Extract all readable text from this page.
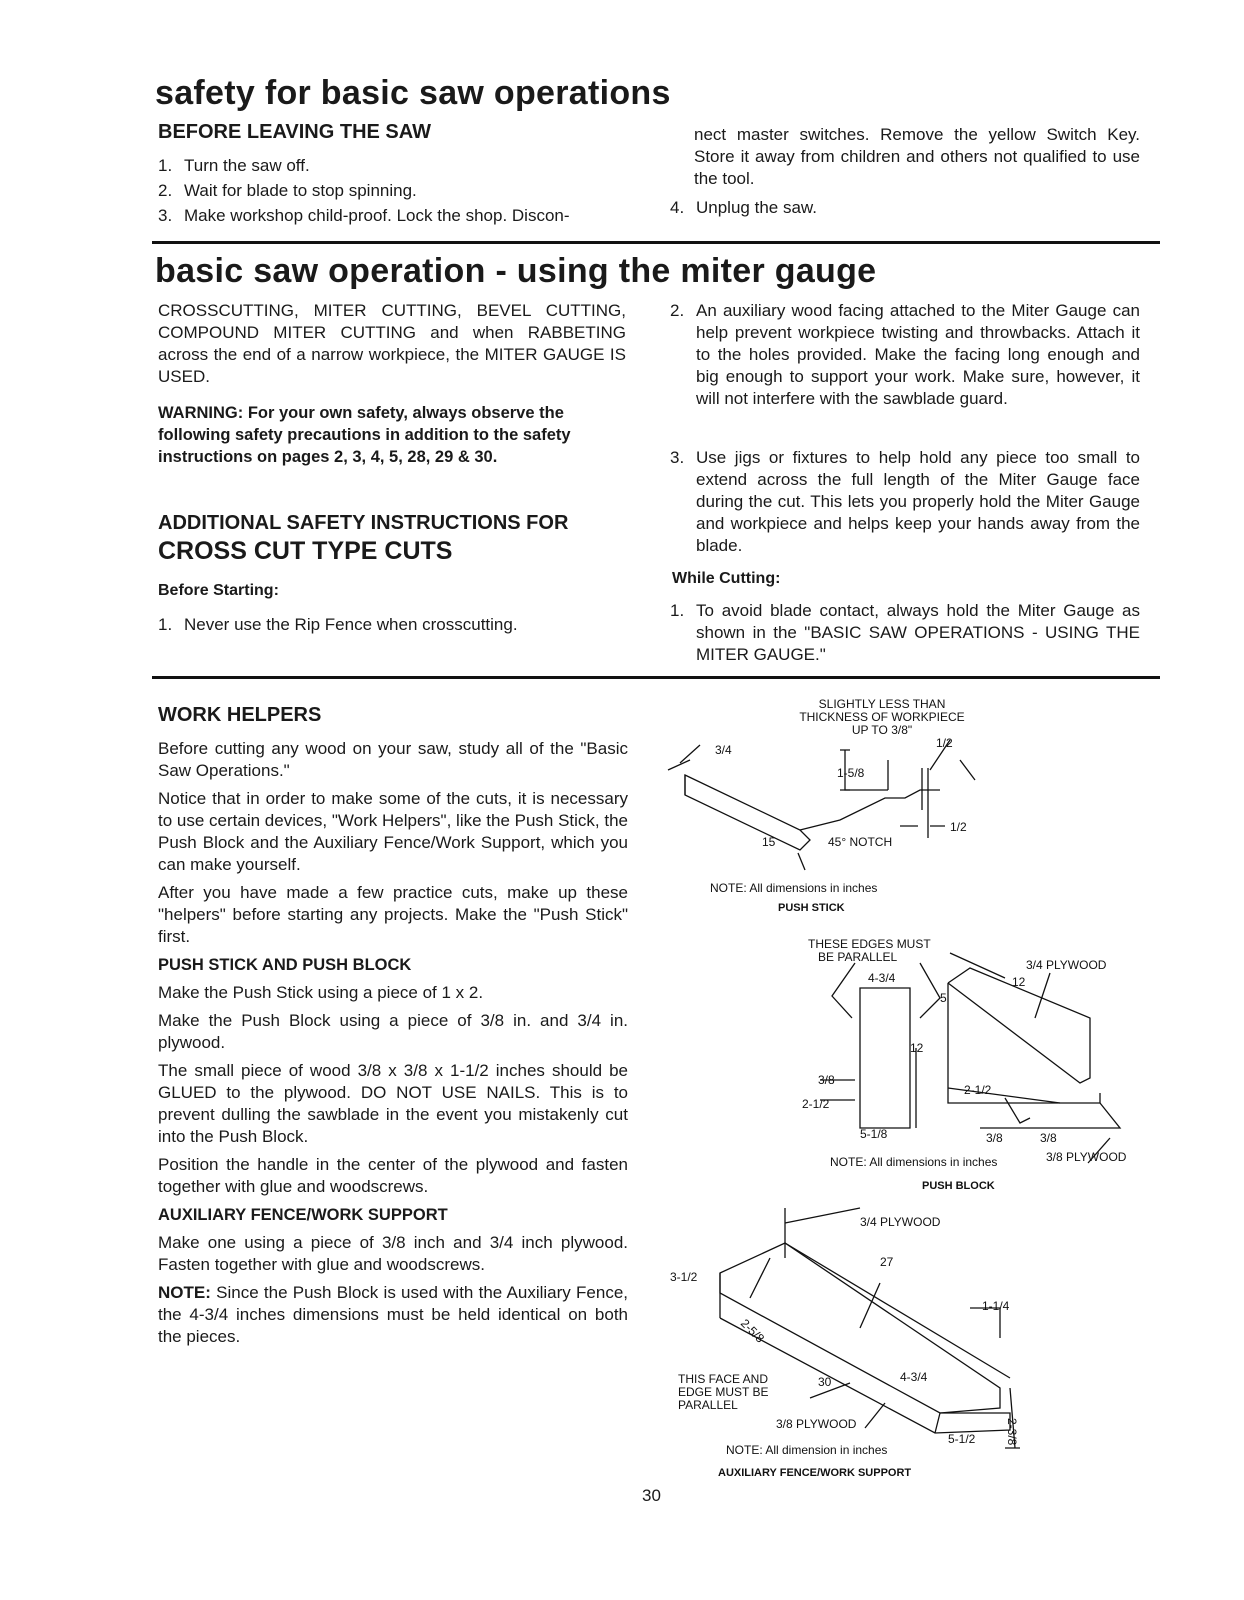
safety for basic saw operations
BEFORE LEAVING THE SAW
1. Turn the saw off.
2. Wait for blade to stop spinning.
3. Make workshop child-proof. Lock the shop. Discon-

nect master switches. Remove the yellow Switch Key. Store it away from children and others not qualified to use the tool.

4. Unplug the saw.
basic saw operation - using the miter gauge

CROSSCUTTING, MITER CUTTING, BEVEL CUTTING, COMPOUND MITER CUTTING and when RABBETING across the end of a narrow workpiece, the MITER GAUGE IS USED.

WARNING: For your own safety, always observe the following safety precautions in addition to the safety instructions on pages 2, 3, 4, 5, 28, 29 & 30.

ADDITIONAL SAFETY INSTRUCTIONS FOR
CROSS CUT TYPE CUTS
Before Starting:
1. Never use the Rip Fence when crosscutting.
2. An auxiliary wood facing attached to the Miter Gauge can help prevent workpiece twisting and throwbacks. Attach it to the holes provided. Make the facing long enough and big enough to support your work. Make sure, however, it will not interfere with the sawblade guard.
3. Use jigs or fixtures to help hold any piece too small to extend across the full length of the Miter Gauge face during the cut. This lets you properly hold the Miter Gauge and workpiece and helps keep your hands away from the blade.
While Cutting:
1. To avoid blade contact, always hold the Miter Gauge as shown in the "BASIC SAW OPERATIONS - USING THE MITER GAUGE."
WORK HELPERS

Before cutting any wood on your saw, study all of the "Basic Saw Operations."

Notice that in order to make some of the cuts, it is necessary to use certain devices, "Work Helpers", like the Push Stick, the Push Block and the Auxiliary Fence/Work Support, which you can make yourself.

After you have made a few practice cuts, make up these "helpers" before starting any projects. Make the "Push Stick" first.

PUSH STICK AND PUSH BLOCK

Make the Push Stick using a piece of 1 x 2.

Make the Push Block using a piece of 3/8 in. and 3/4 in. plywood.

The small piece of wood 3/8 x 3/8 x 1-1/2 inches should be GLUED to the plywood. DO NOT USE NAILS. This is to prevent dulling the sawblade in the event you mistakenly cut into the Push Block.

Position the handle in the center of the plywood and fasten together with glue and woodscrews.

AUXILIARY FENCE/WORK SUPPORT

Make one using a piece of 3/8 inch and 3/4 inch plywood. Fasten together with glue and woodscrews.

NOTE: Since the Push Block is used with the Auxiliary Fence, the 4-3/4 inches dimensions must be held identical on both the pieces.

SLIGHTLY LESS THAN
THICKNESS OF WORKPIECE
UP TO 3/8"
3/4	1/2
1-5/8
15	45° NOTCH
1/2
NOTE: All dimensions in inches
PUSH STICK
THESE EDGES MUST
BE PARALLEL
3/4 PLYWOOD
4-3/4
5
12
12
3/8
2-1/2
2-1/2
5-1/8	3/8	3/8
3/8 PLYWOOD
NOTE: All dimensions in inches
PUSH BLOCK
3/4 PLYWOOD
27
3-1/2
1-1/4
2-5/8
THIS FACE AND
EDGE MUST BE
PARALLEL
30	4-3/4
2-3/8
3/8 PLYWOOD
5-1/2
NOTE: All dimension in inches
AUXILIARY FENCE/WORK SUPPORT
30
